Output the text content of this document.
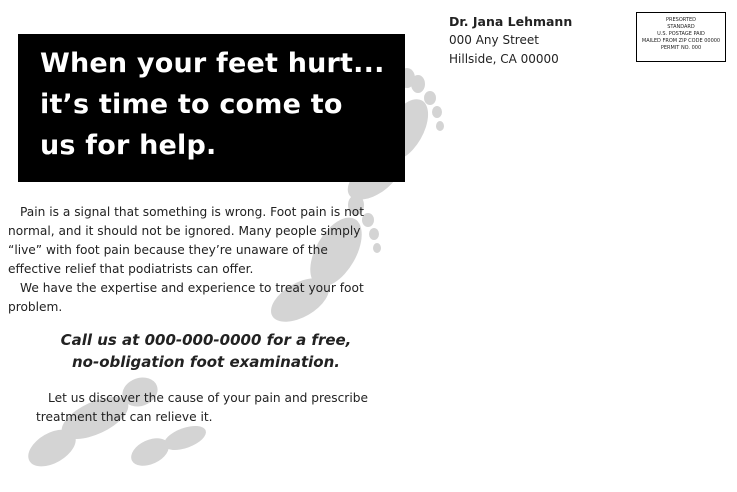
When your feet hurt...
it’s time to come to
us for help.
Dr. Jana Lehmann
000 Any Street
Hillside, CA 00000
PRESORTED
STANDARD
U.S. POSTAGE PAID
MAILED FROM ZIP CODE 00000
PERMIT NO. 000

Pain is a signal that something is wrong. Foot pain is not normal, and it should not be ignored. Many people simply “live” with foot pain because they’re unaware of the effective relief that podiatrists can offer.

We have the expertise and experience to treat your foot problem.

Call us at 000-000-0000 for a free,
no-obligation foot examination.
Let us discover the cause of your pain and prescribe treatment that can relieve it.
